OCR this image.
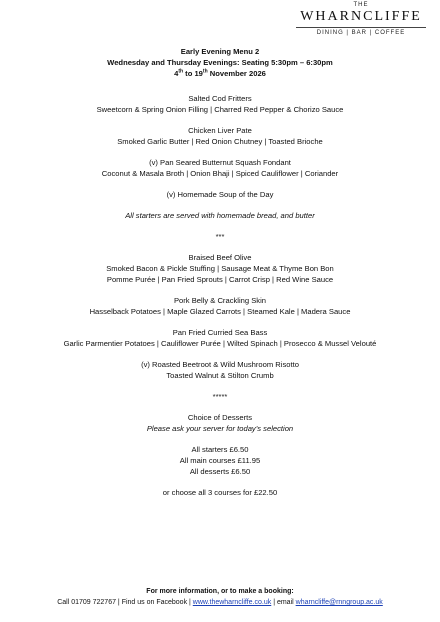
THE
WHARNCLIFFE
DINING | BAR | COFFEE

Early Evening Menu 2

Wednesday and Thursday Evenings: Seating 5:30pm – 6:30pm

4th to 19th November 2026

Salted Cod Fritters

Sweetcorn & Spring Onion Filling | Charred Red Pepper & Chorizo Sauce

Chicken Liver Pate

Smoked Garlic Butter | Red Onion Chutney | Toasted Brioche

(v) Pan Seared Butternut Squash Fondant

Coconut & Masala Broth | Onion Bhaji | Spiced Cauliflower | Coriander

(v) Homemade Soup of the Day

All starters are served with homemade bread, and butter

***

Braised Beef Olive

Smoked Bacon & Pickle Stuffing | Sausage Meat & Thyme Bon Bon

Pomme Purée | Pan Fried Sprouts | Carrot Crisp | Red Wine Sauce

Pork Belly & Crackling Skin

Hasselback Potatoes | Maple Glazed Carrots | Steamed Kale | Madera Sauce

Pan Fried Curried Sea Bass

Garlic Parmentier Potatoes | Cauliflower Purée | Wilted Spinach | Prosecco & Mussel Velouté

(v) Roasted Beetroot & Wild Mushroom Risotto

Toasted Walnut & Stilton Crumb

*****

Choice of Desserts

Please ask your server for today’s selection

All starters £6.50

All main courses £11.95

All desserts £6.50

or choose all 3 courses for £22.50

For more information, or to make a booking:

Call 01709 722767 | Find us on Facebook | www.thewharncliffe.co.uk | email wharncliffe@rnngroup.ac.uk
